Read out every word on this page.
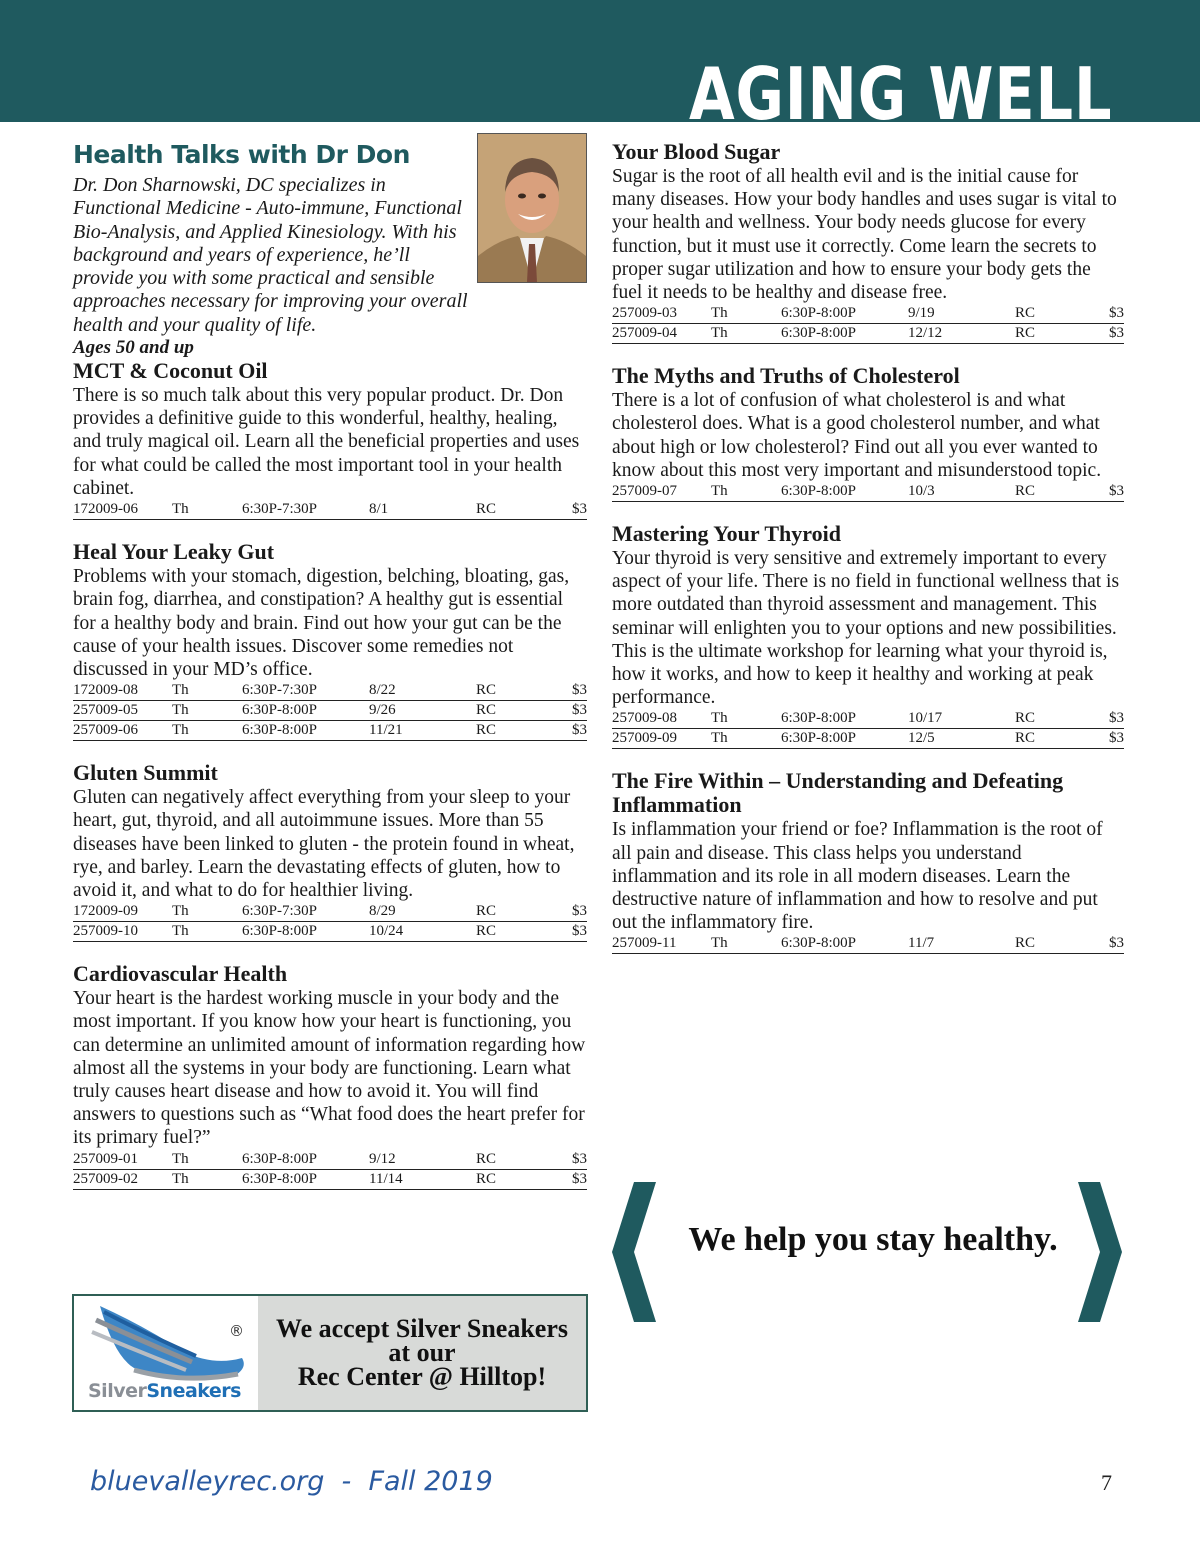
AGING WELL
Health Talks with Dr Don
Dr. Don Sharnowski, DC specializes in Functional Medicine - Auto-immune, Functional Bio-Analysis, and Applied Kinesiology. With his background and years of experience, he’ll provide you with some practical and sensible approaches necessary for improving your overall health and your quality of life.
Ages 50 and up
MCT & Coconut Oil

There is so much talk about this very popular product. Dr. Don provides a definitive guide to this wonderful, healthy, healing, and truly magical oil. Learn all the beneficial properties and uses for what could be called the most important tool in your health cabinet.

172009-06	Th	6:30P-7:30P	8/1	RC	$3
Heal Your Leaky Gut

Problems with your stomach, digestion, belching, bloating, gas, brain fog, diarrhea, and constipation? A healthy gut is essential for a healthy body and brain. Find out how your gut can be the cause of your health issues. Discover some remedies not discussed in your MD’s office.

172009-08	Th	6:30P-7:30P	8/22	RC	$3
257009-05	Th	6:30P-8:00P	9/26	RC	$3
257009-06	Th	6:30P-8:00P	11/21	RC	$3
Gluten Summit

Gluten can negatively affect everything from your sleep to your heart, gut, thyroid, and all autoimmune issues. More than 55 diseases have been linked to gluten - the protein found in wheat, rye, and barley. Learn the devastating effects of gluten, how to avoid it, and what to do for healthier living.

172009-09	Th	6:30P-7:30P	8/29	RC	$3
257009-10	Th	6:30P-8:00P	10/24	RC	$3
Cardiovascular Health

Your heart is the hardest working muscle in your body and the most important. If you know how your heart is functioning, you can determine an unlimited amount of information regarding how almost all the systems in your body are functioning. Learn what truly causes heart disease and how to avoid it. You will find answers to questions such as “What food does the heart prefer for its primary fuel?”

257009-01	Th	6:30P-8:00P	9/12	RC	$3
257009-02	Th	6:30P-8:00P	11/14	RC	$3
Your Blood Sugar

Sugar is the root of all health evil and is the initial cause for many diseases. How your body handles and uses sugar is vital to your health and wellness. Your body needs glucose for every function, but it must use it correctly. Come learn the secrets to proper sugar utilization and how to ensure your body gets the fuel it needs to be healthy and disease free.

257009-03	Th	6:30P-8:00P	9/19	RC	$3
257009-04	Th	6:30P-8:00P	12/12	RC	$3
The Myths and Truths of Cholesterol

There is a lot of confusion of what cholesterol is and what cholesterol does. What is a good cholesterol number, and what about high or low cholesterol? Find out all you ever wanted to know about this most very important and misunderstood topic.

257009-07	Th	6:30P-8:00P	10/3	RC	$3
Mastering Your Thyroid

Your thyroid is very sensitive and extremely important to every aspect of your life. There is no field in functional wellness that is more outdated than thyroid assessment and management. This seminar will enlighten you to your options and new possibilities. This is the ultimate workshop for learning what your thyroid is, how it works, and how to keep it healthy and working at peak performance.

257009-08	Th	6:30P-8:00P	10/17	RC	$3
257009-09	Th	6:30P-8:00P	12/5	RC	$3
The Fire Within – Understanding and Defeating Inflammation

Is inflammation your friend or foe? Inflammation is the root of all pain and disease. This class helps you understand inflammation and its role in all modern diseases. Learn the destructive nature of inflammation and how to resolve and put out the inflammatory fire.

257009-11	Th	6:30P-8:00P	11/7	RC	$3
We help you stay healthy.
®
SilverSneakers
We accept Silver Sneakers
at our
Rec Center @ Hilltop!
bluevalleyrec.org  -  Fall 2019	7
